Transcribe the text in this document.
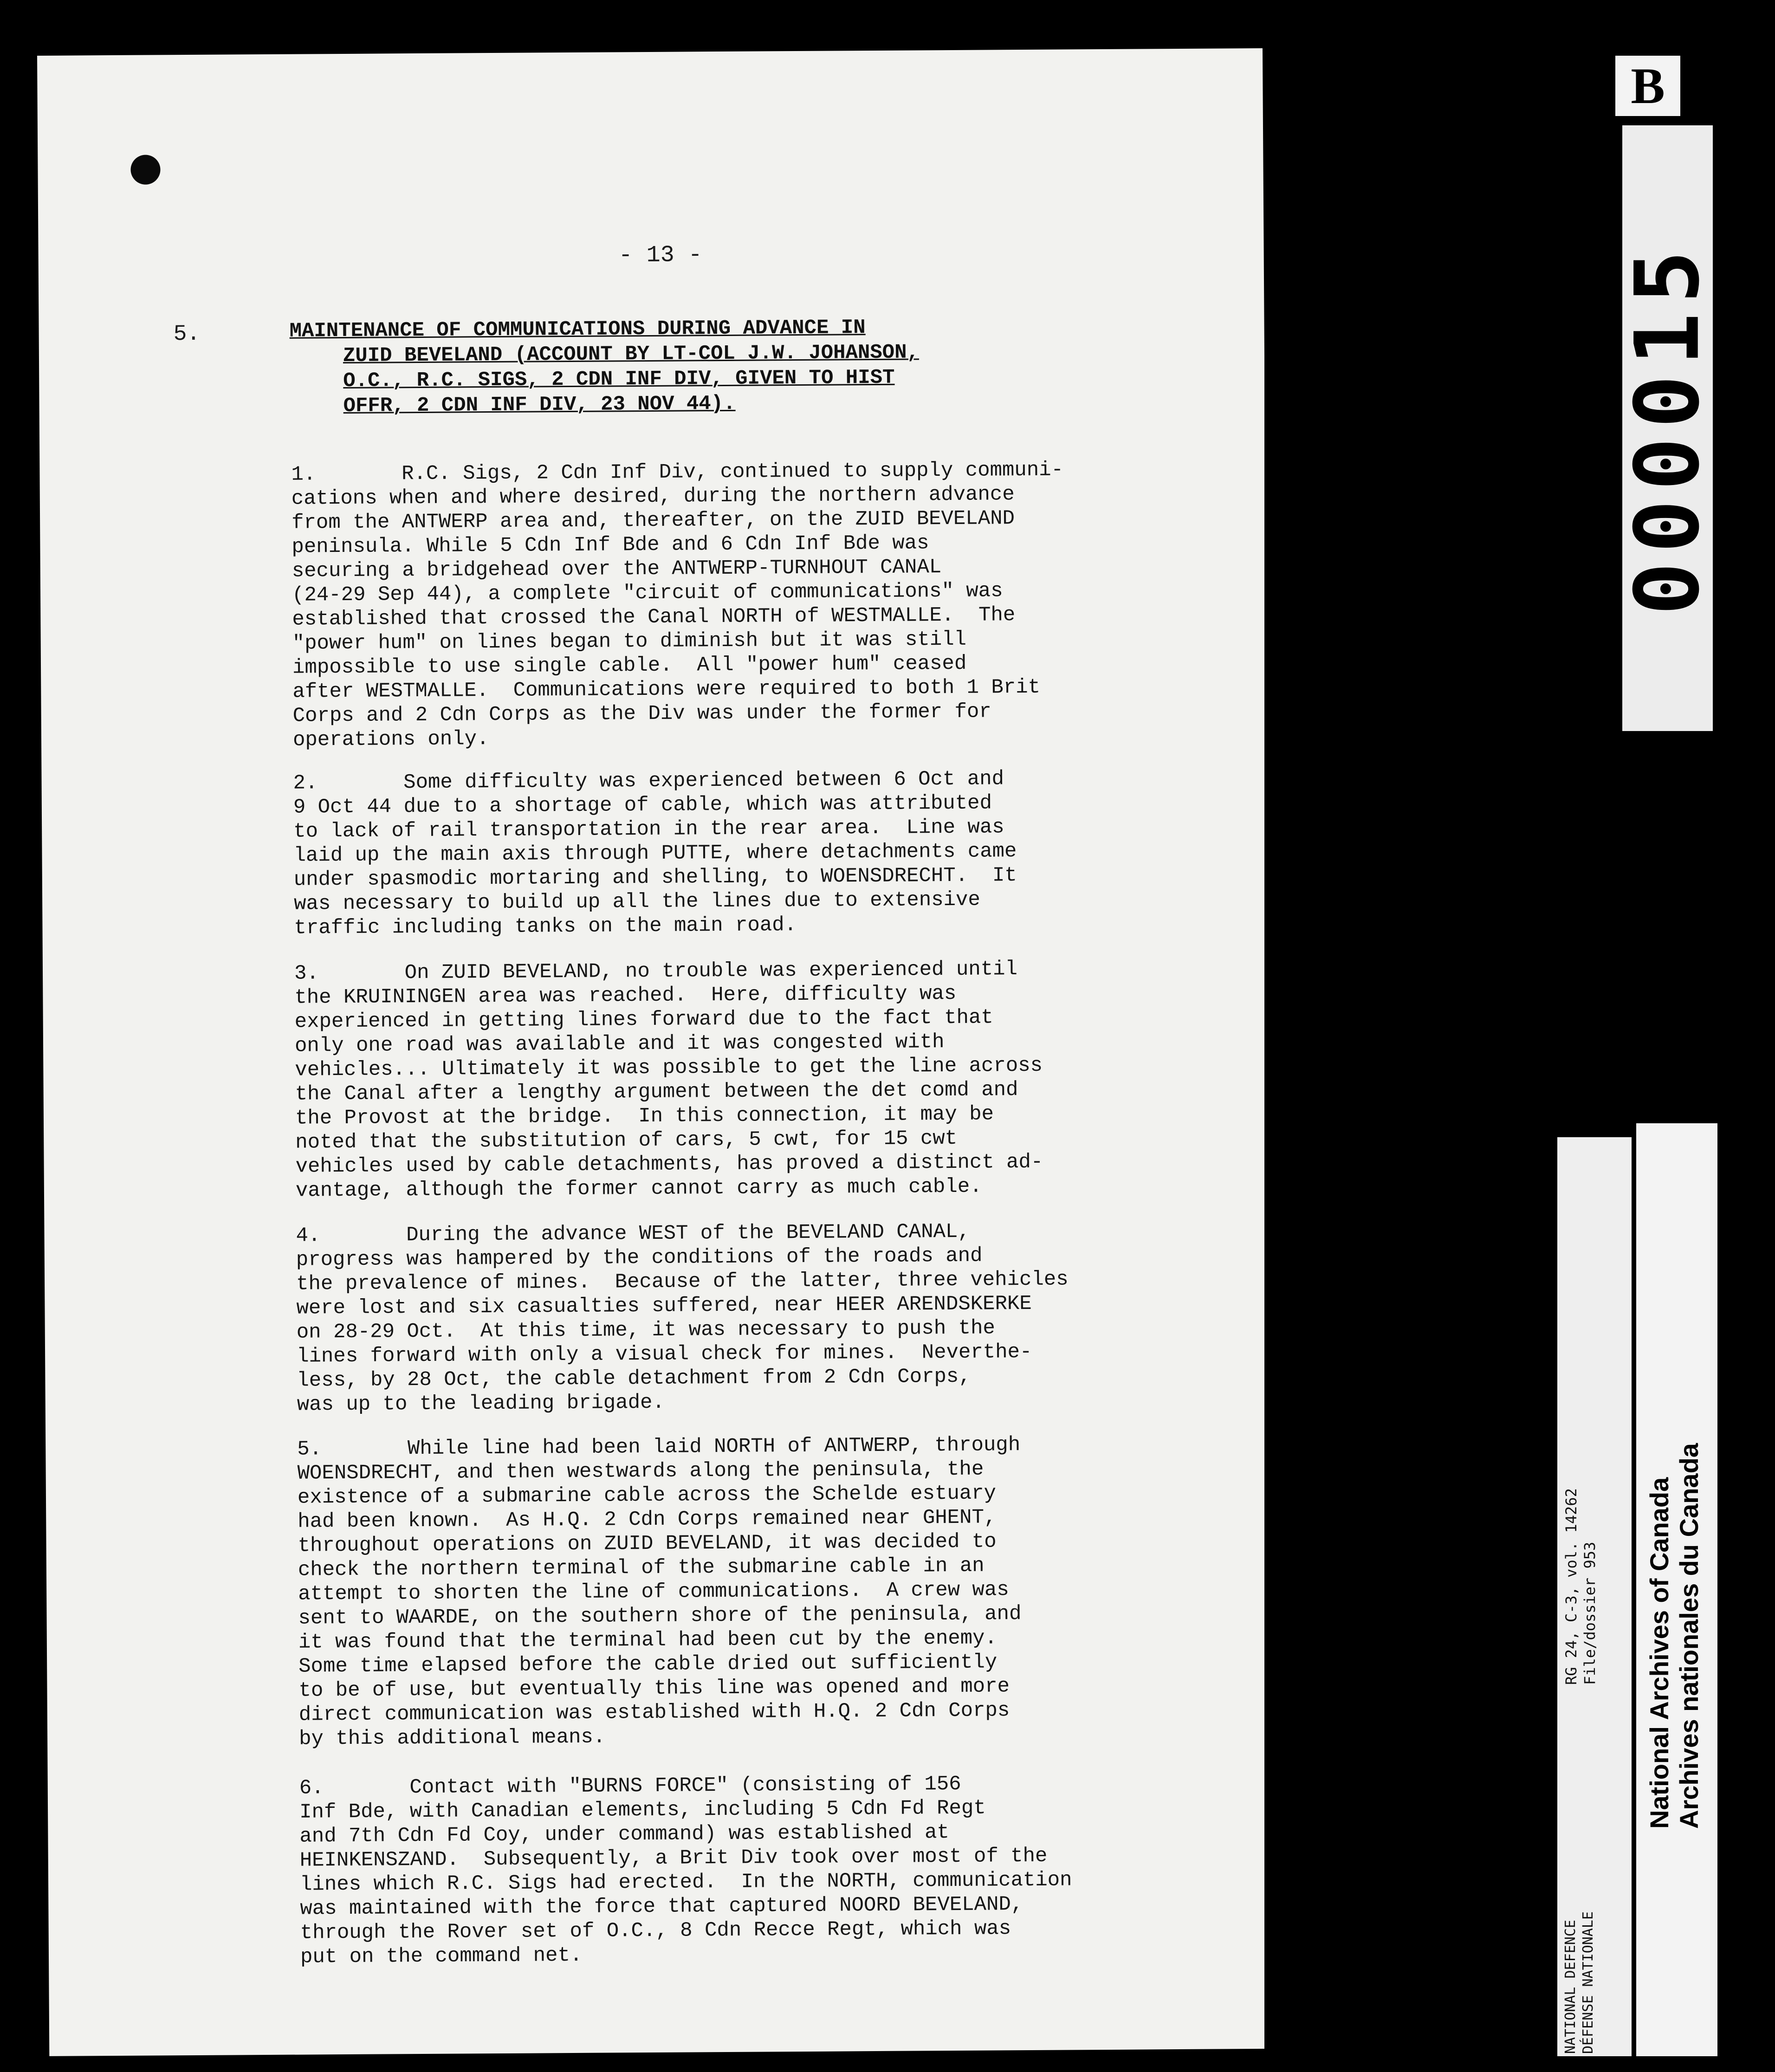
- 13 -
5.	MAINTENANCE OF COMMUNICATIONS DURING ADVANCE IN
ZUID BEVELAND (ACCOUNT BY LT-COL J.W. JOHANSON,
O.C., R.C. SIGS, 2 CDN INF DIV, GIVEN TO HIST
OFFR, 2 CDN INF DIV, 23 NOV 44).
1.       R.C. Sigs, 2 Cdn Inf Div, continued to supply communi-
cations when and where desired, during the northern advance
from the ANTWERP area and, thereafter, on the ZUID BEVELAND
peninsula. While 5 Cdn Inf Bde and 6 Cdn Inf Bde was
securing a bridgehead over the ANTWERP-TURNHOUT CANAL
(24-29 Sep 44), a complete "circuit of communications" was
established that crossed the Canal NORTH of WESTMALLE.  The
"power hum" on lines began to diminish but it was still
impossible to use single cable.  All "power hum" ceased
after WESTMALLE.  Communications were required to both 1 Brit
Corps and 2 Cdn Corps as the Div was under the former for
operations only.
2.       Some difficulty was experienced between 6 Oct and
9 Oct 44 due to a shortage of cable, which was attributed
to lack of rail transportation in the rear area.  Line was
laid up the main axis through PUTTE, where detachments came
under spasmodic mortaring and shelling, to WOENSDRECHT.  It
was necessary to build up all the lines due to extensive
traffic including tanks on the main road.
3.       On ZUID BEVELAND, no trouble was experienced until
the KRUININGEN area was reached.  Here, difficulty was
experienced in getting lines forward due to the fact that
only one road was available and it was congested with
vehicles... Ultimately it was possible to get the line across
the Canal after a lengthy argument between the det comd and
the Provost at the bridge.  In this connection, it may be
noted that the substitution of cars, 5 cwt, for 15 cwt
vehicles used by cable detachments, has proved a distinct ad-
vantage, although the former cannot carry as much cable.
4.       During the advance WEST of the BEVELAND CANAL,
progress was hampered by the conditions of the roads and
the prevalence of mines.  Because of the latter, three vehicles
were lost and six casualties suffered, near HEER ARENDSKERKE
on 28-29 Oct.  At this time, it was necessary to push the
lines forward with only a visual check for mines.  Neverthe-
less, by 28 Oct, the cable detachment from 2 Cdn Corps,
was up to the leading brigade.
5.       While line had been laid NORTH of ANTWERP, through
WOENSDRECHT, and then westwards along the peninsula, the
existence of a submarine cable across the Schelde estuary
had been known.  As H.Q. 2 Cdn Corps remained near GHENT,
throughout operations on ZUID BEVELAND, it was decided to
check the northern terminal of the submarine cable in an
attempt to shorten the line of communications.  A crew was
sent to WAARDE, on the southern shore of the peninsula, and
it was found that the terminal had been cut by the enemy.
Some time elapsed before the cable dried out sufficiently
to be of use, but eventually this line was opened and more
direct communication was established with H.Q. 2 Cdn Corps
by this additional means.
6.       Contact with "BURNS FORCE" (consisting of 156
Inf Bde, with Canadian elements, including 5 Cdn Fd Regt
and 7th Cdn Fd Coy, under command) was established at
HEINKENSZAND.  Subsequently, a Brit Div took over most of the
lines which R.C. Sigs had erected.  In the NORTH, communication
was maintained with the force that captured NOORD BEVELAND,
through the Rover set of O.C., 8 Cdn Recce Regt, which was
put on the command net.
B
000015
RG 24, C-3, vol. 14262
File/dossier 953
NATIONAL DEFENCE DÉFENSE NATIONALE
National Archives of Canada
Archives nationales du Canada
